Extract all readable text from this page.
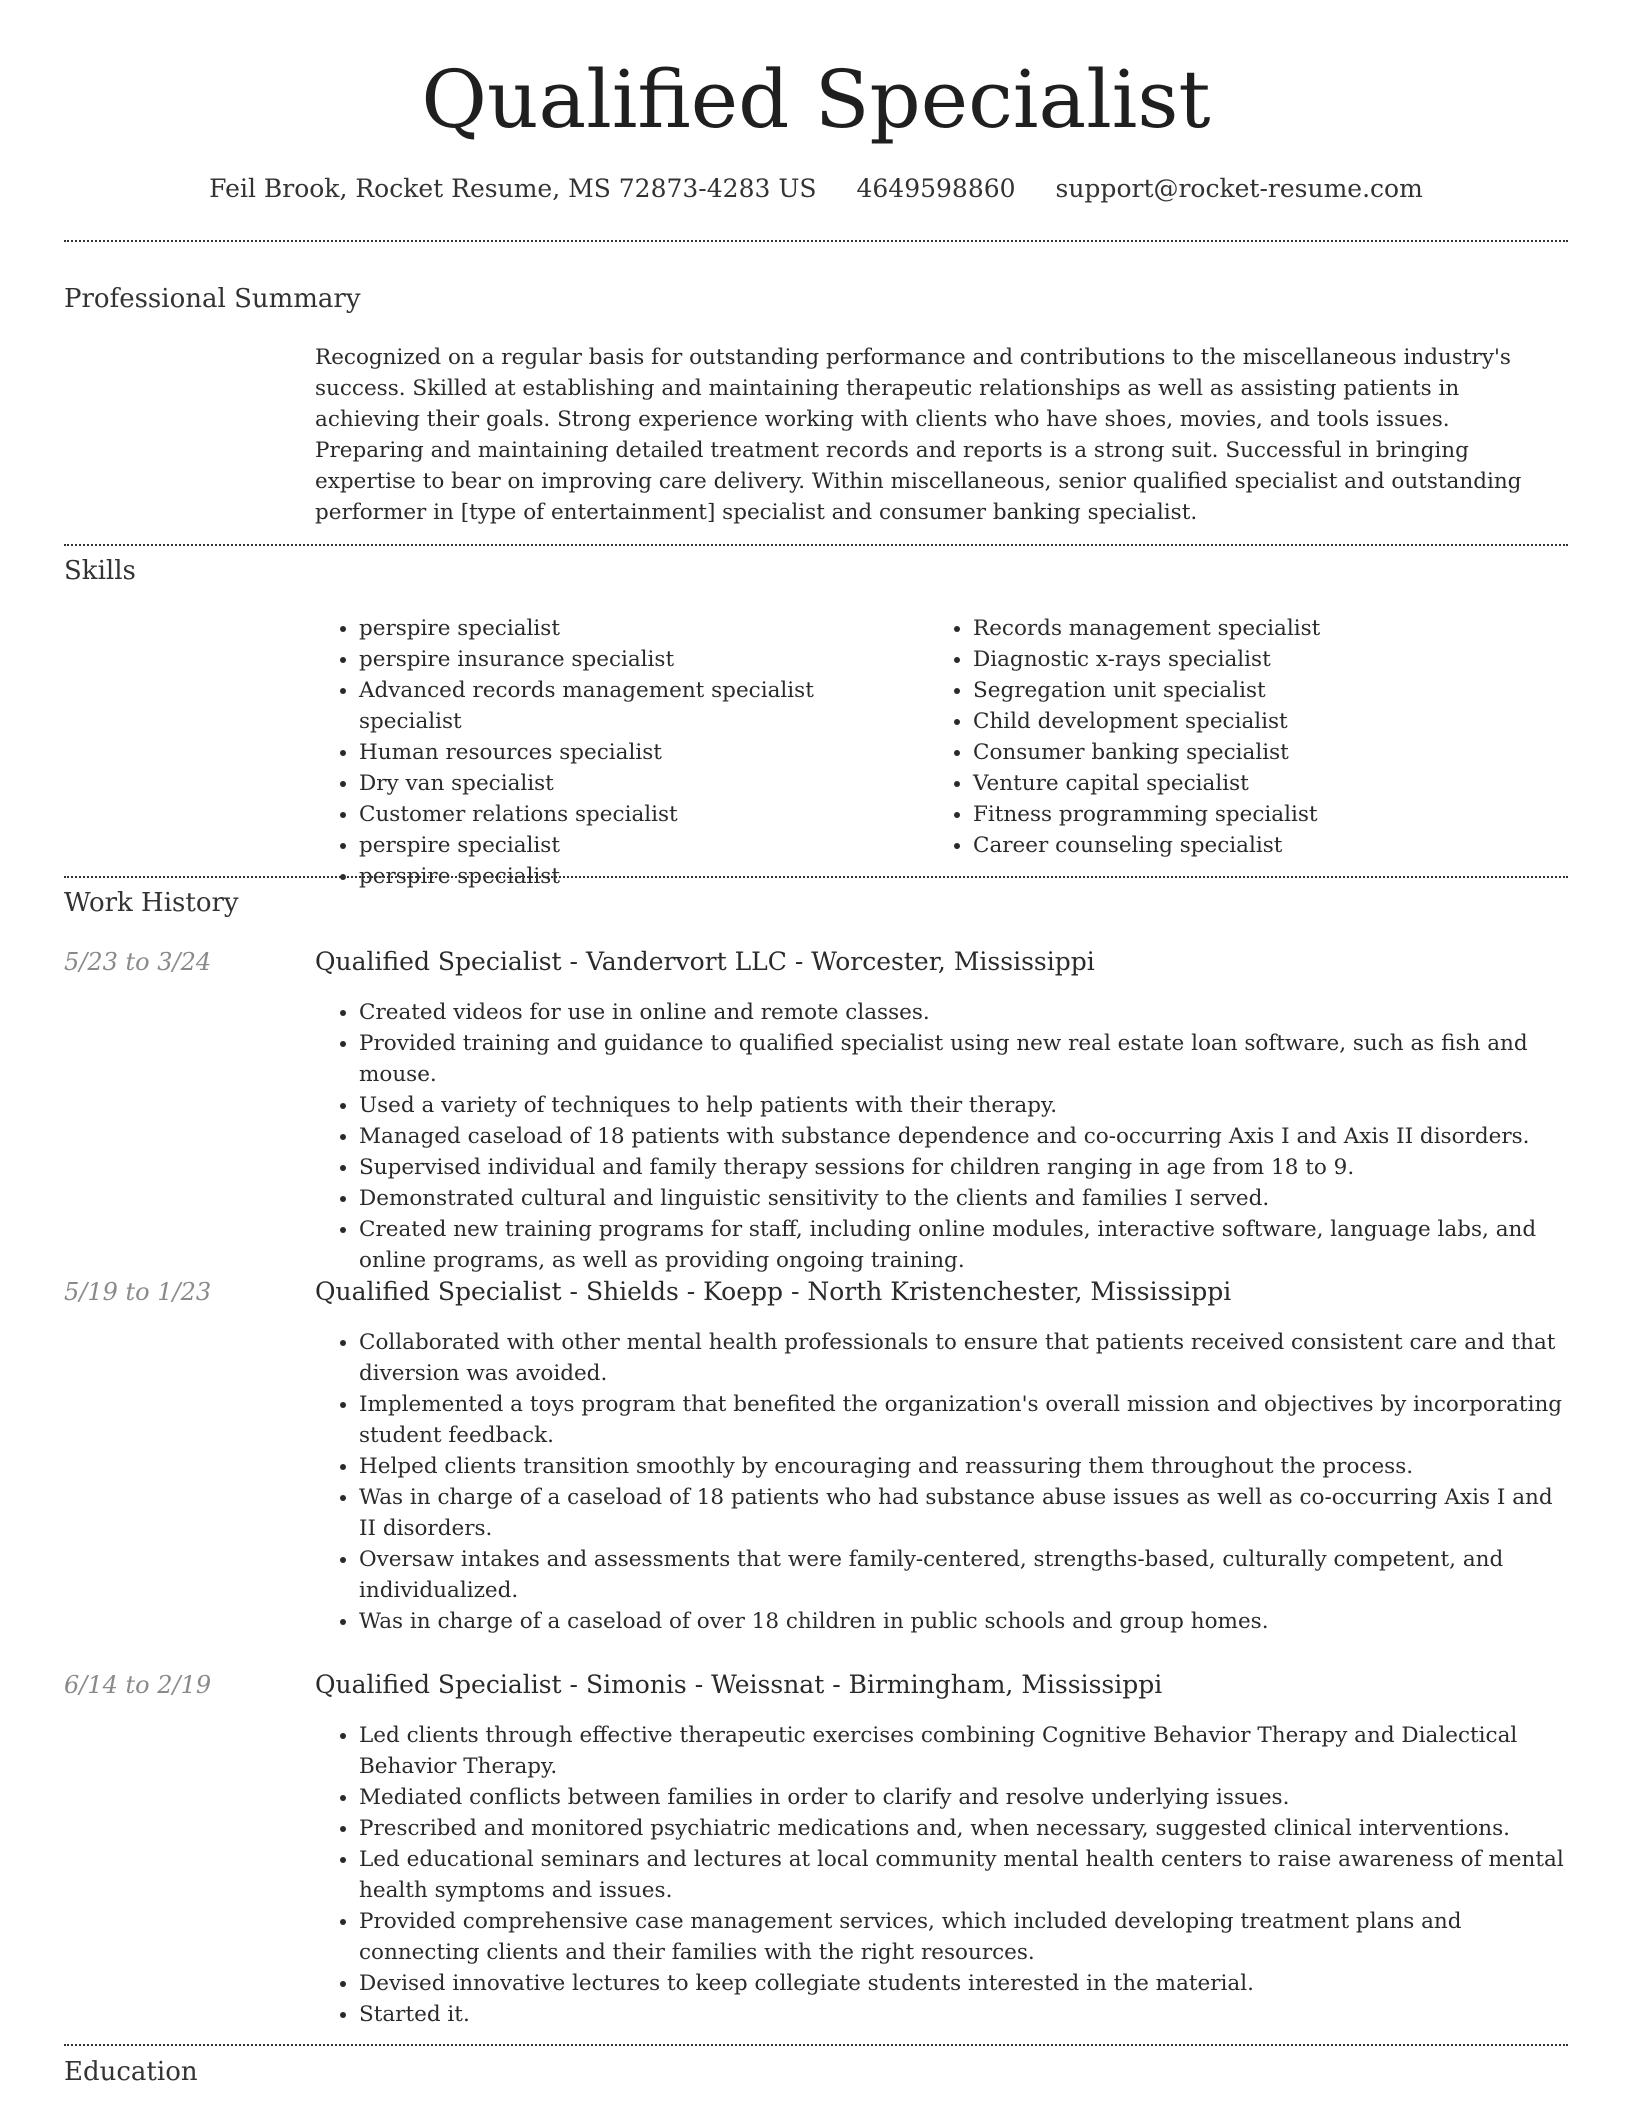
Qualified Specialist
Feil Brook, Rocket Resume, MS 72873-4283 US 4649598860 support@rocket-resume.com
Professional Summary

Recognized on a regular basis for outstanding performance and contributions to the miscellaneous industry's success. Skilled at establishing and maintaining therapeutic relationships as well as assisting patients in achieving their goals. Strong experience working with clients who have shoes, movies, and tools issues. Preparing and maintaining detailed treatment records and reports is a strong suit. Successful in bringing expertise to bear on improving care delivery. Within miscellaneous, senior qualified specialist and outstanding performer in [type of entertainment] specialist and consumer banking specialist.

Skills
• perspire specialist
• perspire insurance specialist
• Advanced records management specialist specialist
• Human resources specialist
• Dry van specialist
• Customer relations specialist
• perspire specialist
• perspire specialist
• Records management specialist
• Diagnostic x-rays specialist
• Segregation unit specialist
• Child development specialist
• Consumer banking specialist
• Venture capital specialist
• Fitness programming specialist
• Career counseling specialist
Work History
5/23 to 3/24	Qualified Specialist - Vandervort LLC - Worcester, Mississippi
• Created videos for use in online and remote classes.
• Provided training and guidance to qualified specialist using new real estate loan software, such as fish and mouse.
• Used a variety of techniques to help patients with their therapy.
• Managed caseload of 18 patients with substance dependence and co-occurring Axis I and Axis II disorders.
• Supervised individual and family therapy sessions for children ranging in age from 18 to 9.
• Demonstrated cultural and linguistic sensitivity to the clients and families I served.
• Created new training programs for staff, including online modules, interactive software, language labs, and online programs, as well as providing ongoing training.
5/19 to 1/23	Qualified Specialist - Shields - Koepp - North Kristenchester, Mississippi
• Collaborated with other mental health professionals to ensure that patients received consistent care and that diversion was avoided.
• Implemented a toys program that benefited the organization's overall mission and objectives by incorporating student feedback.
• Helped clients transition smoothly by encouraging and reassuring them throughout the process.
• Was in charge of a caseload of 18 patients who had substance abuse issues as well as co-occurring Axis I and II disorders.
• Oversaw intakes and assessments that were family-centered, strengths-based, culturally competent, and individualized.
• Was in charge of a caseload of over 18 children in public schools and group homes.
6/14 to 2/19	Qualified Specialist - Simonis - Weissnat - Birmingham, Mississippi
• Led clients through effective therapeutic exercises combining Cognitive Behavior Therapy and Dialectical Behavior Therapy.
• Mediated conflicts between families in order to clarify and resolve underlying issues.
• Prescribed and monitored psychiatric medications and, when necessary, suggested clinical interventions.
• Led educational seminars and lectures at local community mental health centers to raise awareness of mental health symptoms and issues.
• Provided comprehensive case management services, which included developing treatment plans and connecting clients and their families with the right resources.
• Devised innovative lectures to keep collegiate students interested in the material.
• Started it.
Education
